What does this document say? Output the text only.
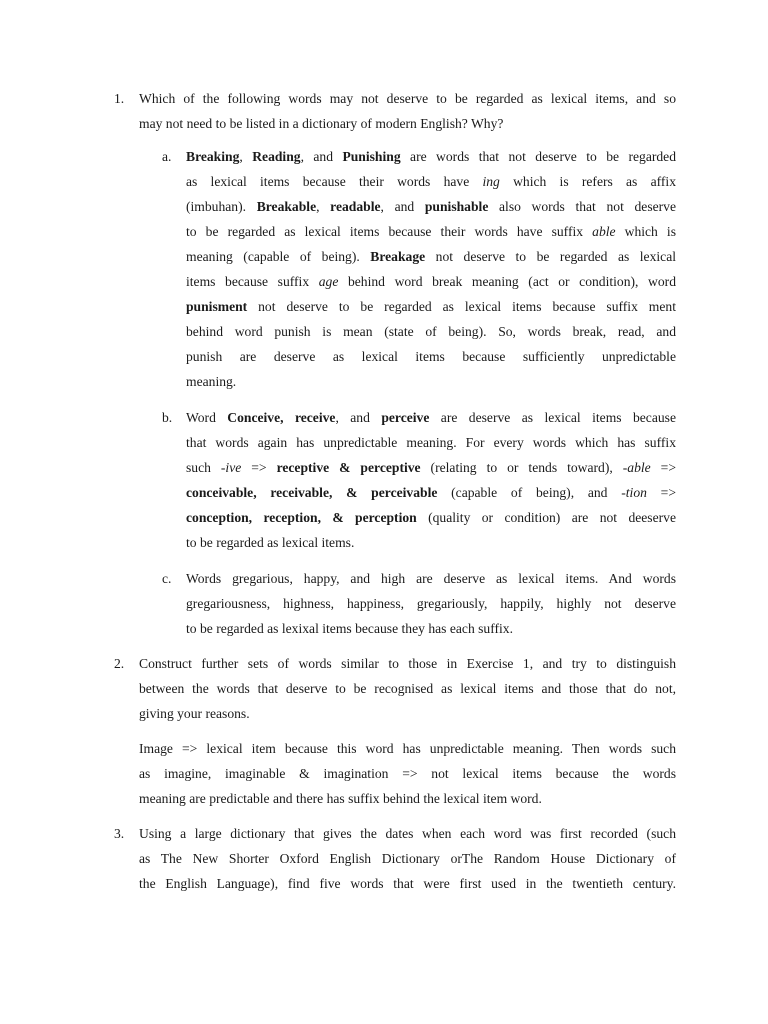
1.	Which of the following words may not deserve to be regarded as lexical items, and so
may not need to be listed in a dictionary of modern English? Why?
a.	Breaking, Reading, and Punishing are words that not deserve to be regarded
as lexical items because their words have ing which is refers as affix
(imbuhan). Breakable, readable, and punishable also words that not deserve
to be regarded as lexical items because their words have suffix able which is
meaning (capable of being). Breakage not deserve to be regarded as lexical
items because suffix age behind word break meaning (act or condition), word
punisment not deserve to be regarded as lexical items because suffix ment
behind word punish is mean (state of being). So, words break, read, and
punish are deserve as lexical items because sufficiently unpredictable
meaning.
b.	Word Conceive, receive, and perceive are deserve as lexical items because
that words again has unpredictable meaning. For every words which has suffix
such -ive => receptive & perceptive (relating to or tends toward), -able =>
conceivable, receivable, & perceivable (capable of being), and -tion =>
conception, reception, & perception (quality or condition) are not deeserve
to be regarded as lexical items.
c.	Words gregarious, happy, and high are deserve as lexical items. And words
gregariousness, highness, happiness, gregariously, happily, highly not deserve
to be regarded as lexixal items because they has each suffix.
2.	Construct further sets of words similar to those in Exercise 1, and try to distinguish
between the words that deserve to be recognised as lexical items and those that do not,
giving your reasons.
Image => lexical item because this word has unpredictable meaning. Then words such
as imagine, imaginable & imagination => not lexical items because the words
meaning are predictable and there has suffix behind the lexical item word.
3.	Using a large dictionary that gives the dates when each word was first recorded (such
as The New Shorter Oxford English Dictionary orThe Random House Dictionary of
the English Language), find five words that were first used in the twentieth century.
